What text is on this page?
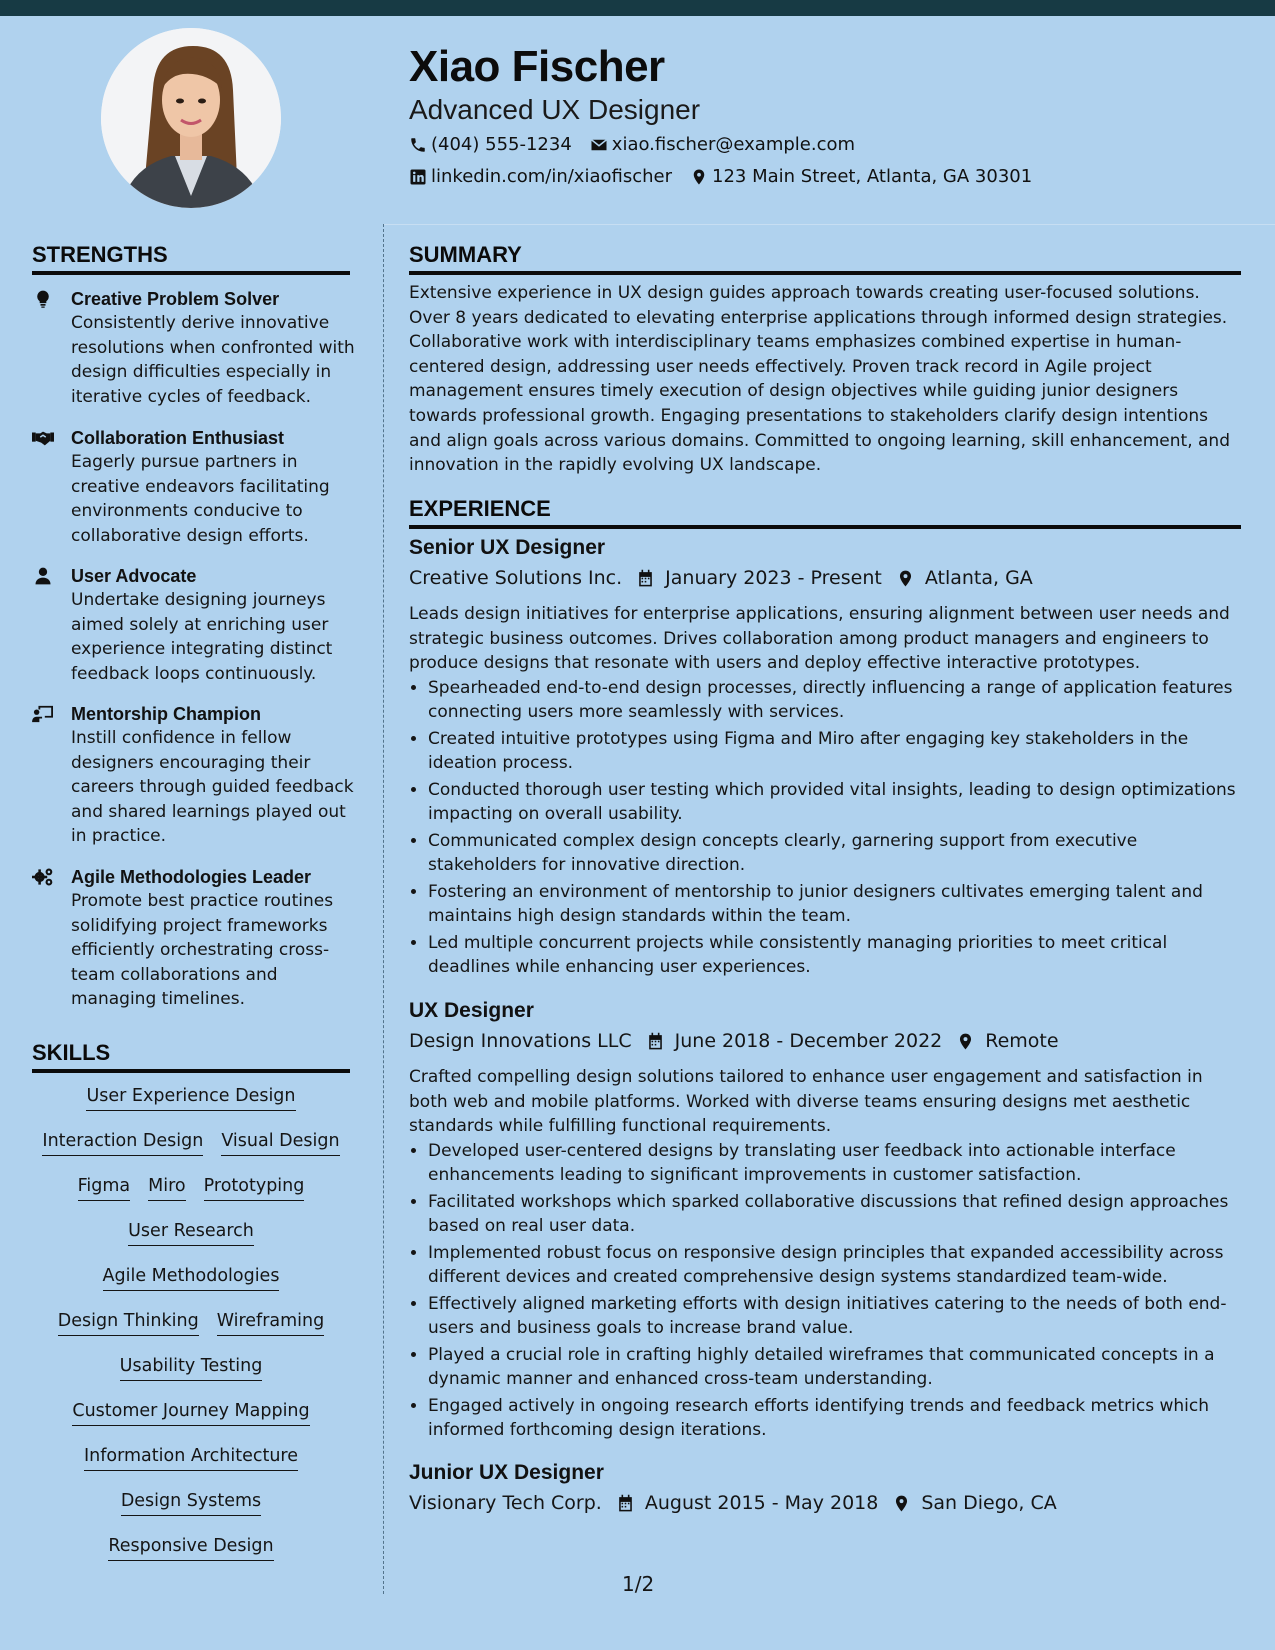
Xiao Fischer
Advanced UX Designer
(404) 555-1234 xiao.fischer@example.com
linkedin.com/in/xiaofischer 123 Main Street, Atlanta, GA 30301
STRENGTHS
Creative Problem Solver
Consistently derive innovative resolutions when confronted with design difficulties especially in iterative cycles of feedback.
Collaboration Enthusiast
Eagerly pursue partners in creative endeavors facilitating environments conducive to collaborative design efforts.
User Advocate
Undertake designing journeys aimed solely at enriching user experience integrating distinct feedback loops continuously.
Mentorship Champion
Instill confidence in fellow designers encouraging their careers through guided feedback and shared learnings played out in practice.
Agile Methodologies Leader
Promote best practice routines solidifying project frameworks efficiently orchestrating cross-team collaborations and managing timelines.
SKILLS
User Experience Design
Interaction Design Visual Design
Figma Miro Prototyping
User Research
Agile Methodologies
Design Thinking Wireframing
Usability Testing
Customer Journey Mapping
Information Architecture
Design Systems
Responsive Design
SUMMARY
Extensive experience in UX design guides approach towards creating user-focused solutions. Over 8 years dedicated to elevating enterprise applications through informed design strategies. Collaborative work with interdisciplinary teams emphasizes combined expertise in human-centered design, addressing user needs effectively. Proven track record in Agile project management ensures timely execution of design objectives while guiding junior designers towards professional growth. Engaging presentations to stakeholders clarify design intentions and align goals across various domains. Committed to ongoing learning, skill enhancement, and innovation in the rapidly evolving UX landscape.
EXPERIENCE
Senior UX Designer
Creative Solutions Inc. January 2023 - Present Atlanta, GA
Leads design initiatives for enterprise applications, ensuring alignment between user needs and strategic business outcomes. Drives collaboration among product managers and engineers to produce designs that resonate with users and deploy effective interactive prototypes.
• Spearheaded end-to-end design processes, directly influencing a range of application features connecting users more seamlessly with services.
• Created intuitive prototypes using Figma and Miro after engaging key stakeholders in the ideation process.
• Conducted thorough user testing which provided vital insights, leading to design optimizations impacting on overall usability.
• Communicated complex design concepts clearly, garnering support from executive stakeholders for innovative direction.
• Fostering an environment of mentorship to junior designers cultivates emerging talent and maintains high design standards within the team.
• Led multiple concurrent projects while consistently managing priorities to meet critical deadlines while enhancing user experiences.
UX Designer
Design Innovations LLC June 2018 - December 2022 Remote
Crafted compelling design solutions tailored to enhance user engagement and satisfaction in both web and mobile platforms. Worked with diverse teams ensuring designs met aesthetic standards while fulfilling functional requirements.
• Developed user-centered designs by translating user feedback into actionable interface enhancements leading to significant improvements in customer satisfaction.
• Facilitated workshops which sparked collaborative discussions that refined design approaches based on real user data.
• Implemented robust focus on responsive design principles that expanded accessibility across different devices and created comprehensive design systems standardized team-wide.
• Effectively aligned marketing efforts with design initiatives catering to the needs of both end-users and business goals to increase brand value.
• Played a crucial role in crafting highly detailed wireframes that communicated concepts in a dynamic manner and enhanced cross-team understanding.
• Engaged actively in ongoing research efforts identifying trends and feedback metrics which informed forthcoming design iterations.
Junior UX Designer
Visionary Tech Corp. August 2015 - May 2018 San Diego, CA
1/2
